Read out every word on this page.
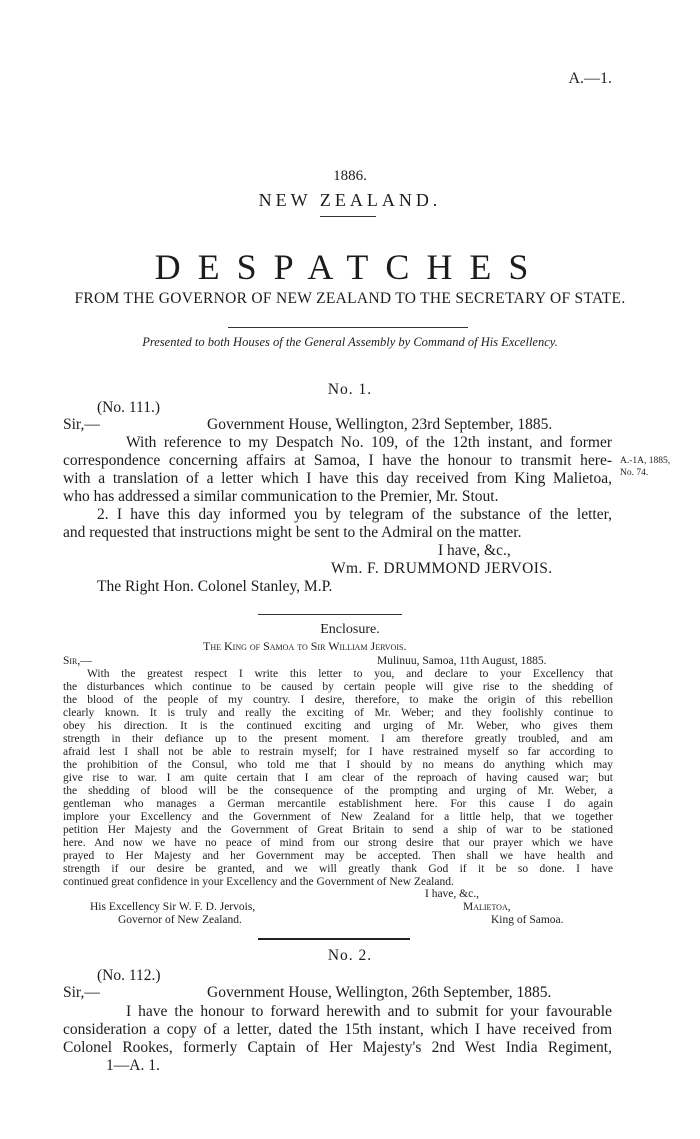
A.—1.
1886.
NEW ZEALAND.
DESPATCHES
FROM THE GOVERNOR OF NEW ZEALAND TO THE SECRETARY OF STATE.
Presented to both Houses of the General Assembly by Command of His Excellency.
No. 1.
(No. 111.)
Sir,—	Government House, Wellington, 23rd September, 1885.
With reference to my Despatch No. 109, of the 12th instant, and former
correspondence concerning affairs at Samoa, I have the honour to transmit here-
with a translation of a letter which I have this day received from King Malietoa,
who has addressed a similar communication to the Premier, Mr. Stout.
A.-1A, 1885,
No. 74.
2. I have this day informed you by telegram of the substance of the letter,
and requested that instructions might be sent to the Admiral on the matter.
I have, &c.,
Wm. F. DRUMMOND JERVOIS.
The Right Hon. Colonel Stanley, M.P.
Enclosure.
The King of Samoa to Sir William Jervois.
Sir,—	Mulinuu, Samoa, 11th August, 1885.
With the greatest respect I write this letter to you, and declare to your Excellency that
the disturbances which continue to be caused by certain people will give rise to the shedding of
the blood of the people of my country. I desire, therefore, to make the origin of this rebellion
clearly known. It is truly and really the exciting of Mr. Weber; and they foolishly continue to
obey his direction. It is the continued exciting and urging of Mr. Weber, who gives them
strength in their defiance up to the present moment. I am therefore greatly troubled, and am
afraid lest I shall not be able to restrain myself; for I have restrained myself so far according to
the prohibition of the Consul, who told me that I should by no means do anything which may
give rise to war. I am quite certain that I am clear of the reproach of having caused war; but
the shedding of blood will be the consequence of the prompting and urging of Mr. Weber, a
gentleman who manages a German mercantile establishment here. For this cause I do again
implore your Excellency and the Government of New Zealand for a little help, that we together
petition Her Majesty and the Government of Great Britain to send a ship of war to be stationed
here. And now we have no peace of mind from our strong desire that our prayer which we have
prayed to Her Majesty and her Government may be accepted. Then shall we have health and
strength if our desire be granted, and we will greatly thank God if it be so done. I have
continued great confidence in your Excellency and the Government of New Zealand.
I have, &c.,
His Excellency Sir W. F. D. Jervois,	Malietoa,
Governor of New Zealand.	King of Samoa.
No. 2.
(No. 112.)
Sir,—	Government House, Wellington, 26th September, 1885.
I have the honour to forward herewith and to submit for your favourable
consideration a copy of a letter, dated the 15th instant, which I have received from
Colonel Rookes, formerly Captain of Her Majesty's 2nd West India Regiment,
1—A. 1.
